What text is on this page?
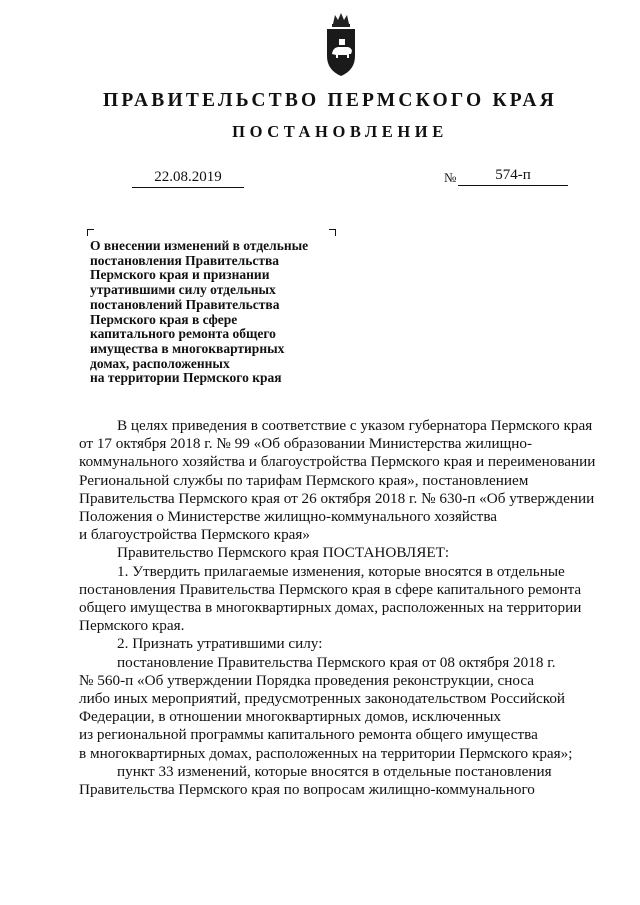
ПРАВИТЕЛЬСТВО ПЕРМСКОГО КРАЯ
ПОСТАНОВЛЕНИЕ
22.08.2019	№	574-п
О внесении изменений в отдельные
постановления Правительства
Пермского края и признании
утратившими силу отдельных
постановлений Правительства
Пермского края в сфере
капитального ремонта общего
имущества в многоквартирных
домах, расположенных
на территории Пермского края
В целях приведения в соответствие с указом губернатора Пермского края
от 17 октября 2018 г. № 99 «Об образовании Министерства жилищно-
коммунального хозяйства и благоустройства Пермского края и переименовании
Региональной службы по тарифам Пермского края», постановлением
Правительства Пермского края от 26 октября 2018 г. № 630-п «Об утверждении
Положения о Министерстве жилищно-коммунального хозяйства
и благоустройства Пермского края»
Правительство Пермского края ПОСТАНОВЛЯЕТ:
1. Утвердить прилагаемые изменения, которые вносятся в отдельные
постановления Правительства Пермского края в сфере капитального ремонта
общего имущества в многоквартирных домах, расположенных на территории
Пермского края.
2. Признать утратившими силу:
постановление Правительства Пермского края от 08 октября 2018 г.
№ 560-п «Об утверждении Порядка проведения реконструкции, сноса
либо иных мероприятий, предусмотренных законодательством Российской
Федерации, в отношении многоквартирных домов, исключенных
из региональной программы капитального ремонта общего имущества
в многоквартирных домах, расположенных на территории Пермского края»;
пункт 33 изменений, которые вносятся в отдельные постановления
Правительства Пермского края по вопросам жилищно-коммунального
